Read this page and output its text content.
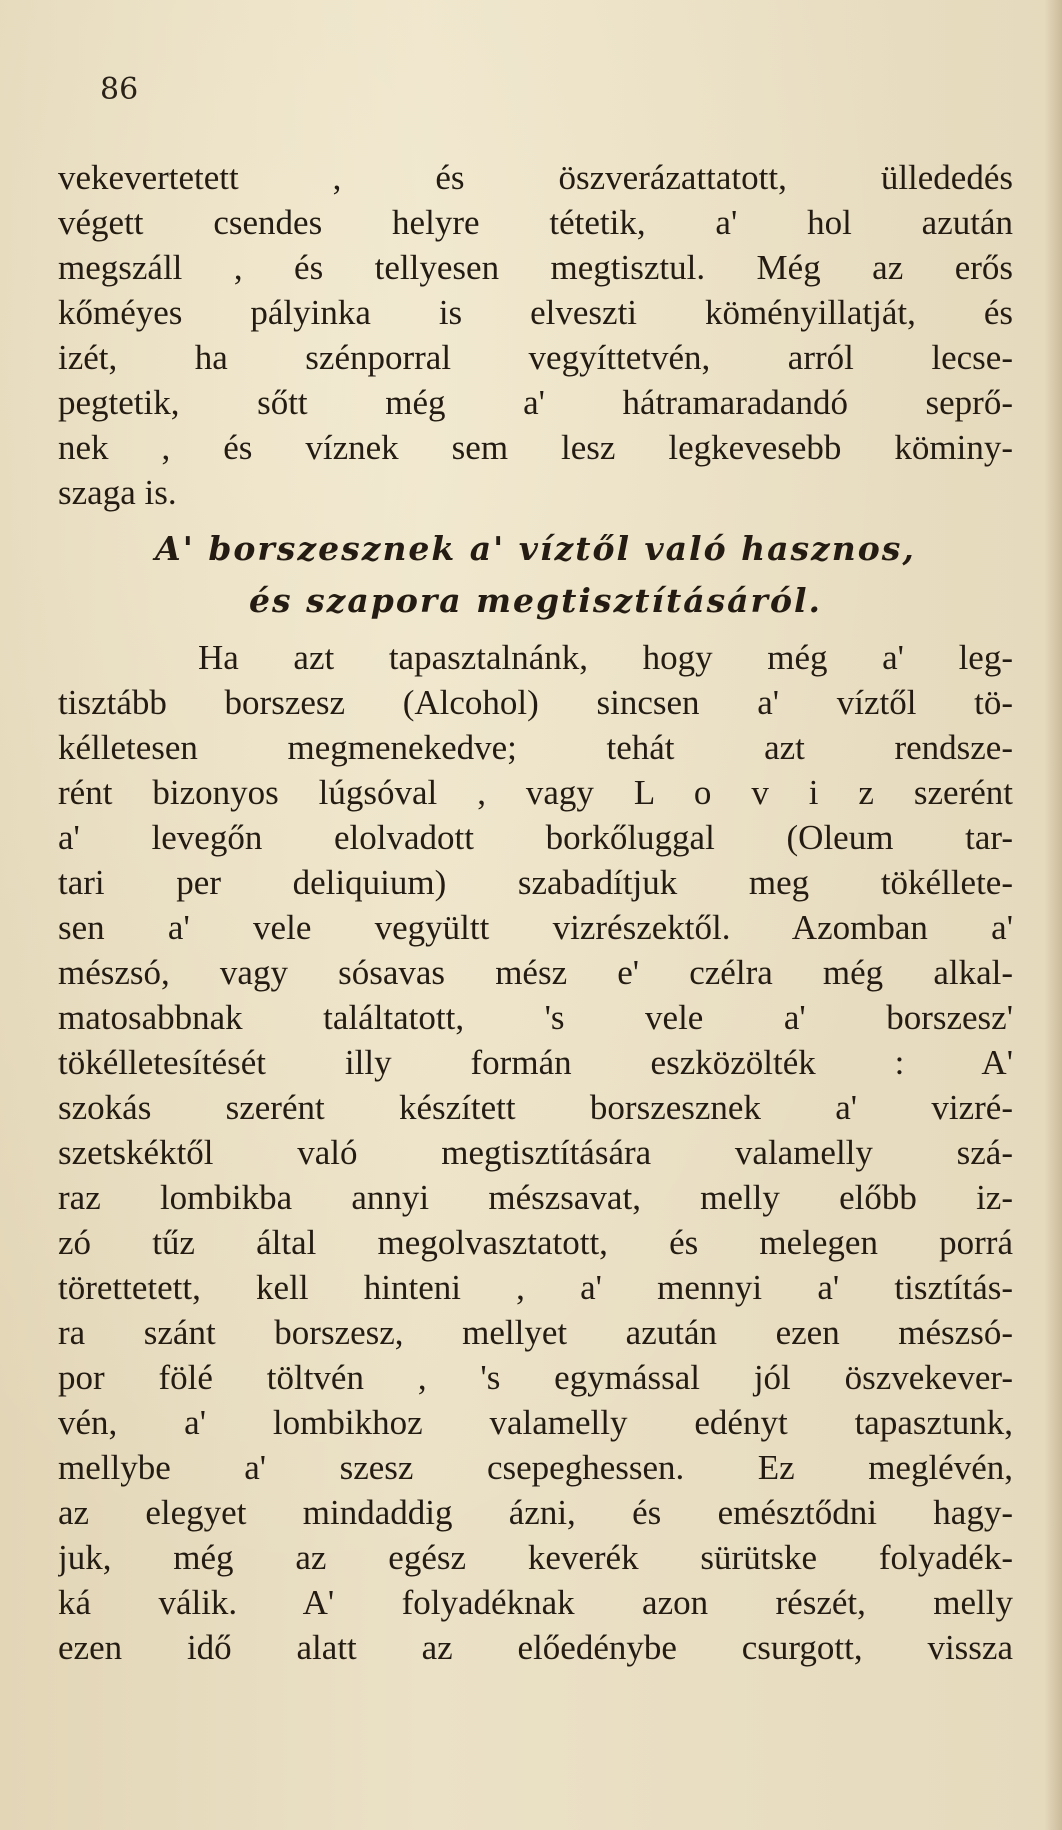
86
vekevertetett , és öszverázattatott, üllededés
végett csendes helyre tétetik, a' hol azután
megszáll , és tellyesen megtisztul. Még az erős
kőméyes pályinka is elveszti köményillatját, és
izét, ha szénporral vegyíttetvén, arról lecse-
pegtetik, sőtt még a' hátramaradandó seprő-
nek , és víznek sem lesz legkevesebb köminy-
szaga is.
A' borszesznek a' víztől való hasznos,
és szapora megtisztításáról.
Ha azt tapasztalnánk, hogy még a' leg-
tisztább borszesz (Alcohol) sincsen a' víztől tö-
kélletesen megmenekedve; tehát azt rendsze-
rént bizonyos lúgsóval , vagy L o v i z szerént
a' levegőn elolvadott borkőluggal (Oleum tar-
tari per deliquium) szabadítjuk meg tökéllete-
sen a' vele vegyültt vizrészektől. Azomban a'
mészsó, vagy sósavas mész e' czélra még alkal-
matosabbnak találtatott, 's vele a' borszesz'
tökélletesítését illy formán eszközölték : A'
szokás szerént készített borszesznek a' vizré-
szetskéktől való megtisztítására valamelly szá-
raz lombikba annyi mészsavat, melly előbb iz-
zó tűz által megolvasztatott, és melegen porrá
törettetett, kell hinteni , a' mennyi a' tisztítás-
ra szánt borszesz, mellyet azután ezen mészsó-
por fölé töltvén , 's egymással jól öszvekever-
vén, a' lombikhoz valamelly edényt tapasztunk,
mellybe a' szesz csepeghessen. Ez meglévén,
az elegyet mindaddig ázni, és emésztődni hagy-
juk, még az egész keverék sürütske folyadék-
ká válik. A' folyadéknak azon részét, melly
ezen idő alatt az előedénybe csurgott, vissza
